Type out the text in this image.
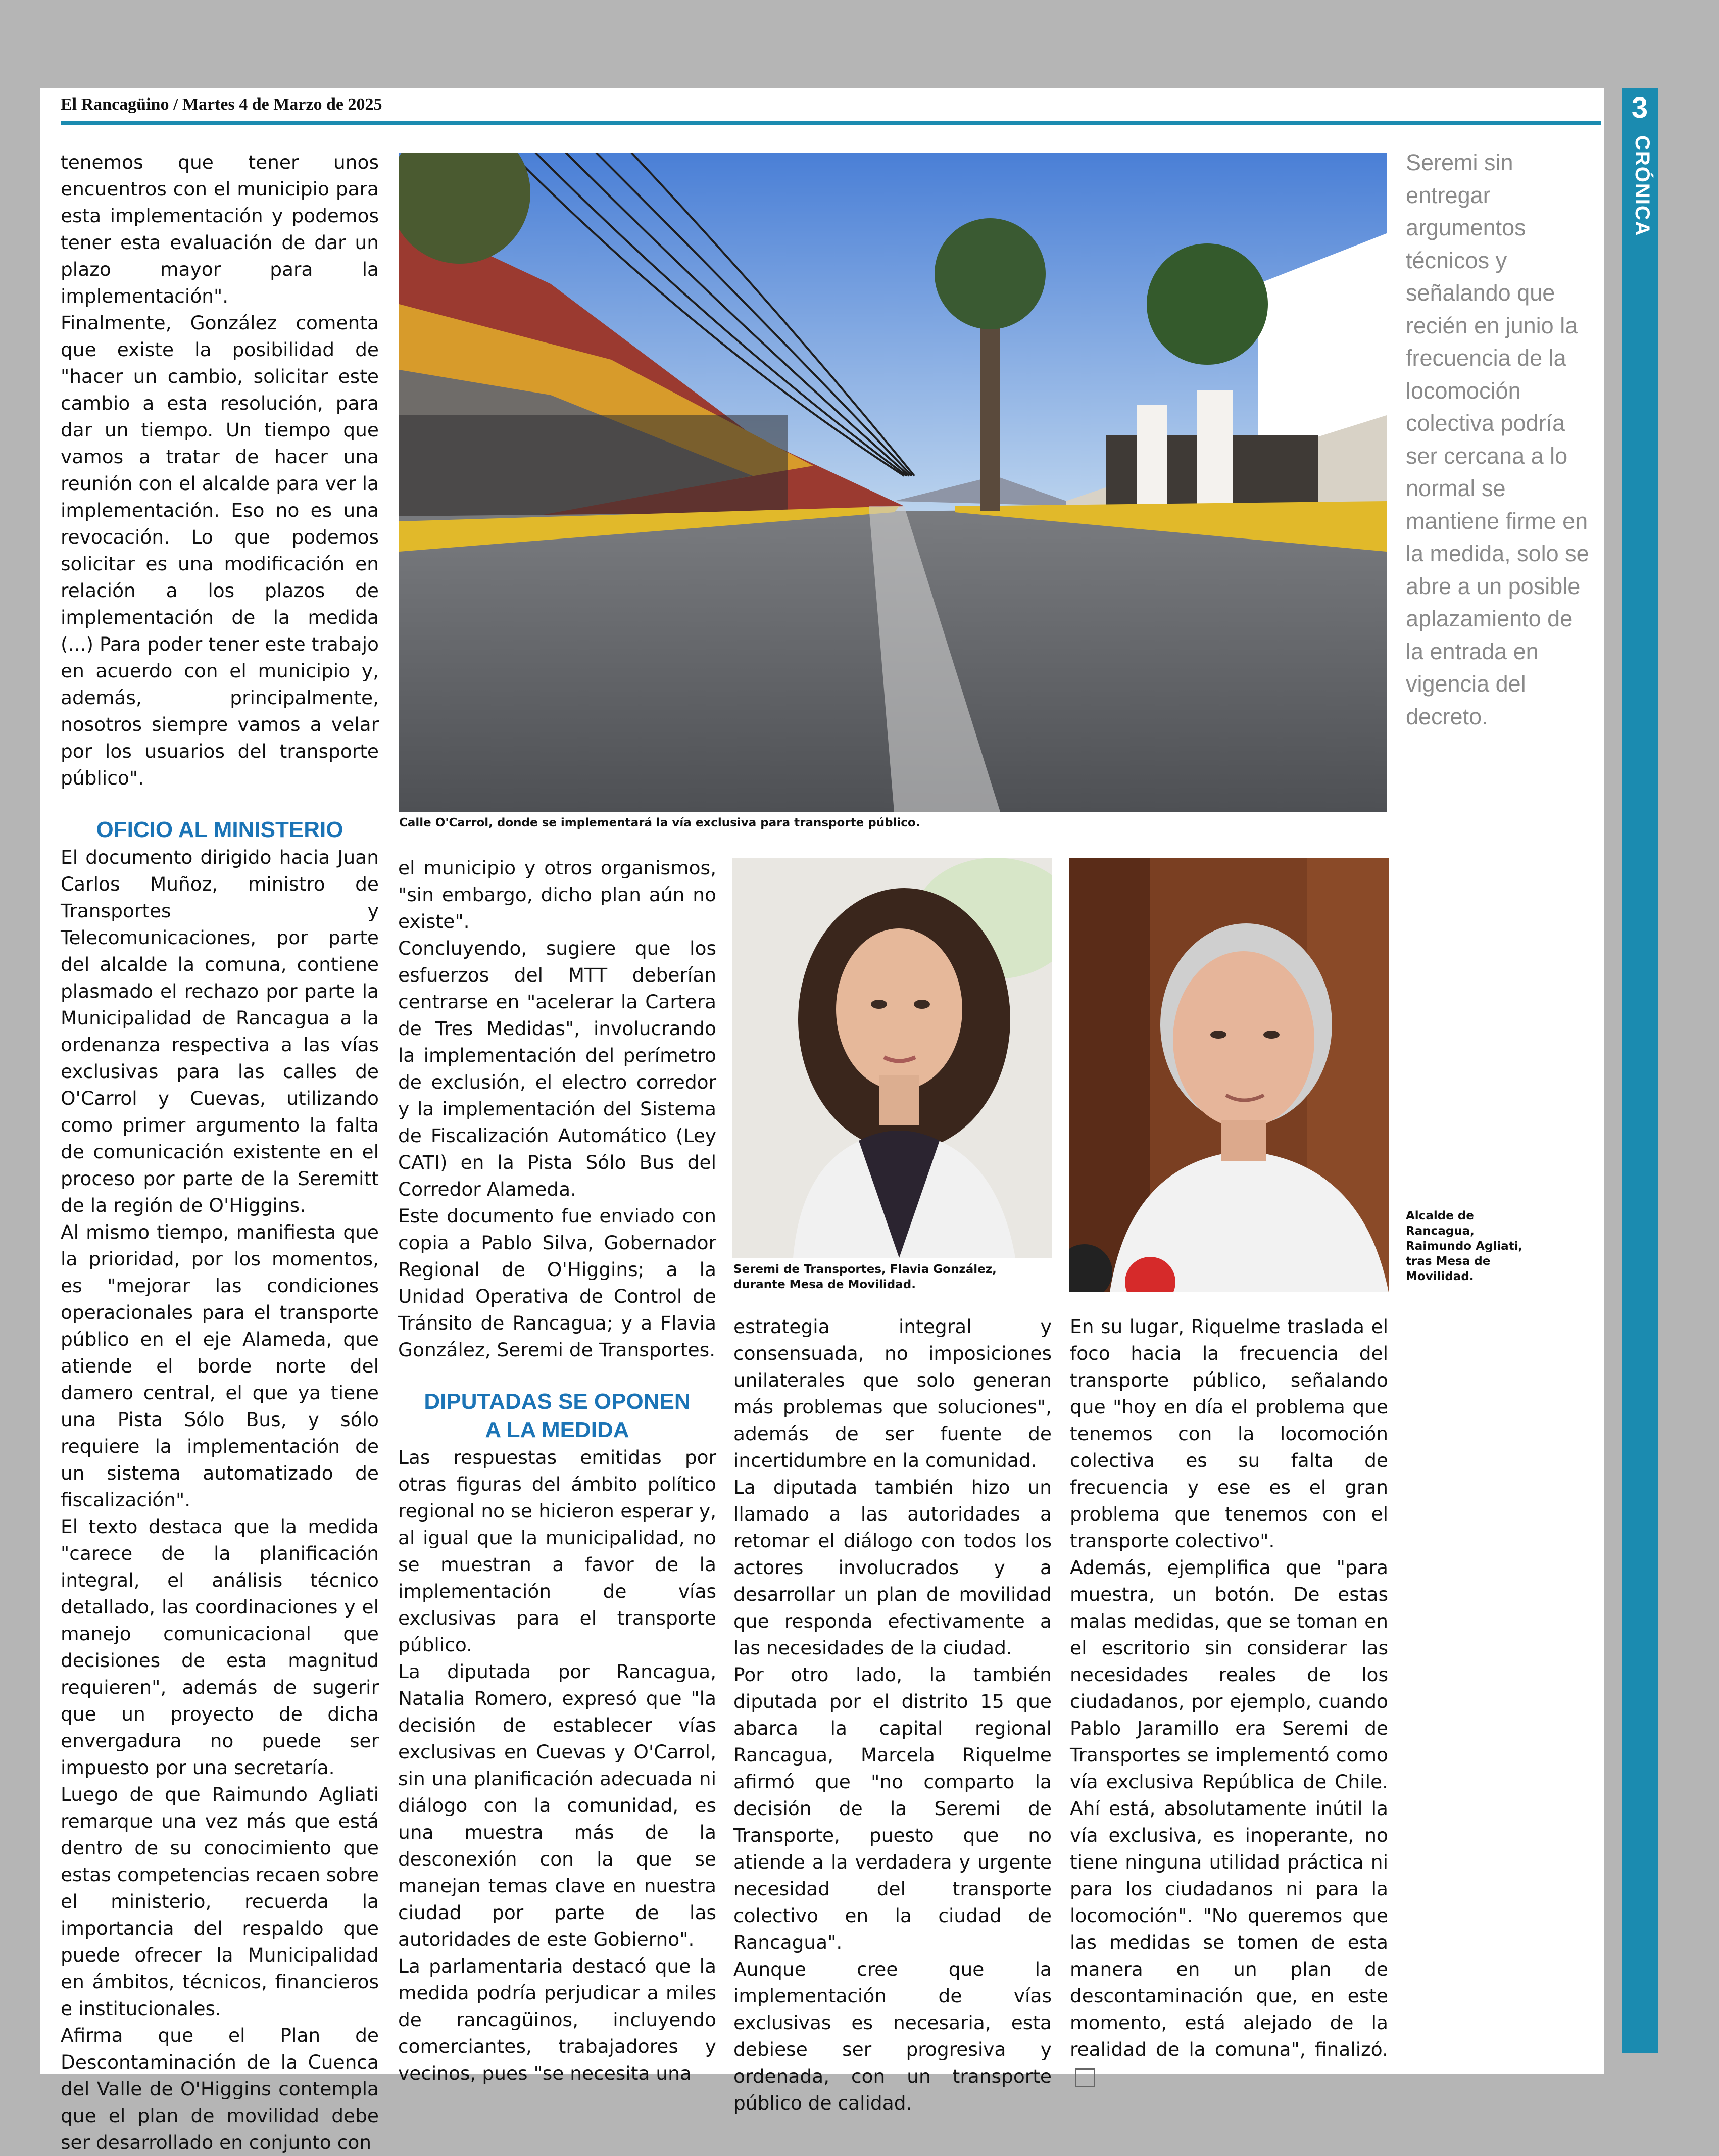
3
CRÓNICA
El Rancagüino / Martes 4 de Marzo de 2025
Calle O'Carrol, donde se implementará la vía exclusiva para transporte público.
Seremi de Transportes, Flavia González, durante Mesa de Movilidad.
Alcalde de Rancagua, Raimundo Agliati, tras Mesa de Movilidad.
Seremi sin entregar argumentos técnicos y señalando que recién en junio la frecuencia de la locomoción colectiva podría ser cercana a lo normal se mantiene firme en la medida, solo se abre a un posible aplazamiento de la entrada en vigencia del decreto.

tenemos que tener unos encuentros con el municipio para esta implementación y podemos tener esta evaluación de dar un plazo mayor para la implementación".

Finalmente, González comenta que existe la posibilidad de "hacer un cambio, solicitar este cambio a esta resolución, para dar un tiempo. Un tiempo que vamos a tratar de hacer una reunión con el alcalde para ver la implementación. Eso no es una revocación. Lo que podemos solicitar es una modificación en relación a los plazos de implementación de la medida (...) Para poder tener este trabajo en acuerdo con el municipio y, además, principalmente, nosotros siempre vamos a velar por los usuarios del transporte público".

OFICIO AL MINISTERIO

El documento dirigido hacia Juan Carlos Muñoz, ministro de Transportes y Telecomunicaciones, por parte del alcalde la comuna, contiene plasmado el rechazo por parte la Municipalidad de Rancagua a la ordenanza respectiva a las vías exclusivas para las calles de O'Carrol y Cuevas, utilizando como primer argumento la falta de comunicación existente en el proceso por parte de la Seremitt de la región de O'Higgins.

Al mismo tiempo, manifiesta que la prioridad, por los momentos, es "mejorar las condiciones operacionales para el transporte público en el eje Alameda, que atiende el borde norte del damero central, el que ya tiene una Pista Sólo Bus, y sólo requiere la implementación de un sistema automatizado de fiscalización".

El texto destaca que la medida "carece de la planificación integral, el análisis técnico detallado, las coordinaciones y el manejo comunicacional que decisiones de esta magnitud requieren", además de sugerir que un proyecto de dicha envergadura no puede ser impuesto por una secretaría.

Luego de que Raimundo Agliati remarque una vez más que está dentro de su conocimiento que estas competencias recaen sobre el ministerio, recuerda la importancia del respaldo que puede ofrecer la Municipalidad en ámbitos, técnicos, financieros e institucionales.

Afirma que el Plan de Descontaminación de la Cuenca del Valle de O'Higgins contempla que el plan de movilidad debe ser desarrollado en conjunto con

el municipio y otros organismos, "sin embargo, dicho plan aún no existe".

Concluyendo, sugiere que los esfuerzos del MTT deberían centrarse en "acelerar la Cartera de Tres Medidas", involucrando la implementación del perímetro de exclusión, el electro corredor y la implementación del Sistema de Fiscalización Automático (Ley CATI) en la Pista Sólo Bus del Corredor Alameda.

Este documento fue enviado con copia a Pablo Silva, Gobernador Regional de O'Higgins; a la Unidad Operativa de Control de Tránsito de Rancagua; y a Flavia González, Seremi de Transportes.

DIPUTADAS SE OPONEN
A LA MEDIDA

Las respuestas emitidas por otras figuras del ámbito político regional no se hicieron esperar y, al igual que la municipalidad, no se muestran a favor de la implementación de vías exclusivas para el transporte público.

La diputada por Rancagua, Natalia Romero, expresó que "la decisión de establecer vías exclusivas en Cuevas y O'Carrol, sin una planificación adecuada ni diálogo con la comunidad, es una muestra más de la desconexión con la que se manejan temas clave en nuestra ciudad por parte de las autoridades de este Gobierno".

La parlamentaria destacó que la medida podría perjudicar a miles de rancagüinos, incluyendo comerciantes, trabajadores y vecinos, pues "se necesita una

estrategia integral y consensuada, no imposiciones unilaterales que solo generan más problemas que soluciones", además de ser fuente de incertidumbre en la comunidad.

La diputada también hizo un llamado a las autoridades a retomar el diálogo con todos los actores involucrados y a desarrollar un plan de movilidad que responda efectivamente a las necesidades de la ciudad.

Por otro lado, la también diputada por el distrito 15 que abarca la capital regional Rancagua, Marcela Riquelme afirmó que "no comparto la decisión de la Seremi de Transporte, puesto que no atiende a la verdadera y urgente necesidad del transporte colectivo en la ciudad de Rancagua".

Aunque cree que la implementación de vías exclusivas es necesaria, esta debiese ser progresiva y ordenada, con un transporte público de calidad.

En su lugar, Riquelme traslada el foco hacia la frecuencia del transporte público, señalando que "hoy en día el problema que tenemos con la locomoción colectiva es su falta de frecuencia y ese es el gran problema que tenemos con el transporte colectivo".

Además, ejemplifica que "para muestra, un botón. De estas malas medidas, que se toman en el escritorio sin considerar las necesidades reales de los ciudadanos, por ejemplo, cuando Pablo Jaramillo era Seremi de Transportes se implementó como vía exclusiva República de Chile. Ahí está, absolutamente inútil la vía exclusiva, es inoperante, no tiene ninguna utilidad práctica ni para los ciudadanos ni para la locomoción". "No queremos que las medidas se tomen de esta manera en un plan de descontaminación que, en este momento, está alejado de la realidad de la comuna", finalizó.
